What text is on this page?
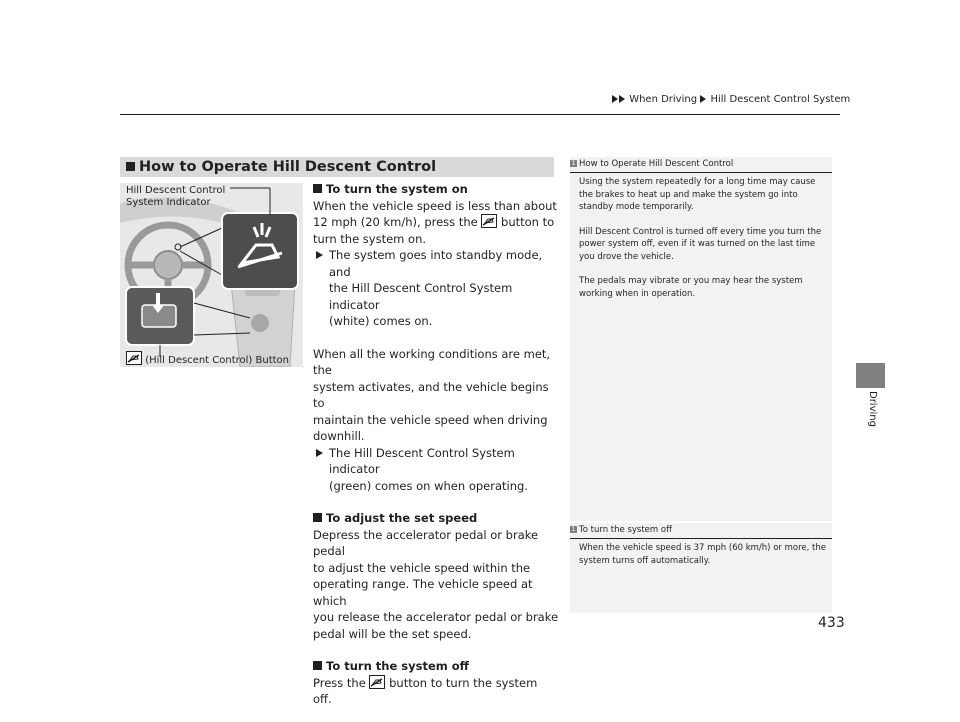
When Driving Hill Descent Control System
Driving
How to Operate Hill Descent Control
Hill Descent Control
System Indicator
(Hill Descent Control) Button

To turn the system on

When the vehicle speed is less than about

12 mph (20 km/h), press the button to

turn the system on.

The system goes into standby mode, and

the Hill Descent Control System indicator

(white) comes on.

When all the working conditions are met, the

system activates, and the vehicle begins to

maintain the vehicle speed when driving

downhill.

The Hill Descent Control System indicator

(green) comes on when operating.

To adjust the set speed

Depress the accelerator pedal or brake pedal

to adjust the vehicle speed within the

operating range. The vehicle speed at which

you release the accelerator pedal or brake

pedal will be the set speed.

To turn the system off

Press the button to turn the system off.

1 How to Operate Hill Descent Control

Using the system repeatedly for a long time may cause the brakes to heat up and make the system go into standby mode temporarily.

Hill Descent Control is turned off every time you turn the power system off, even if it was turned on the last time you drove the vehicle.

The pedals may vibrate or you may hear the system working when in operation.

1 To turn the system off

When the vehicle speed is 37 mph (60 km/h) or more, the system turns off automatically.

433
